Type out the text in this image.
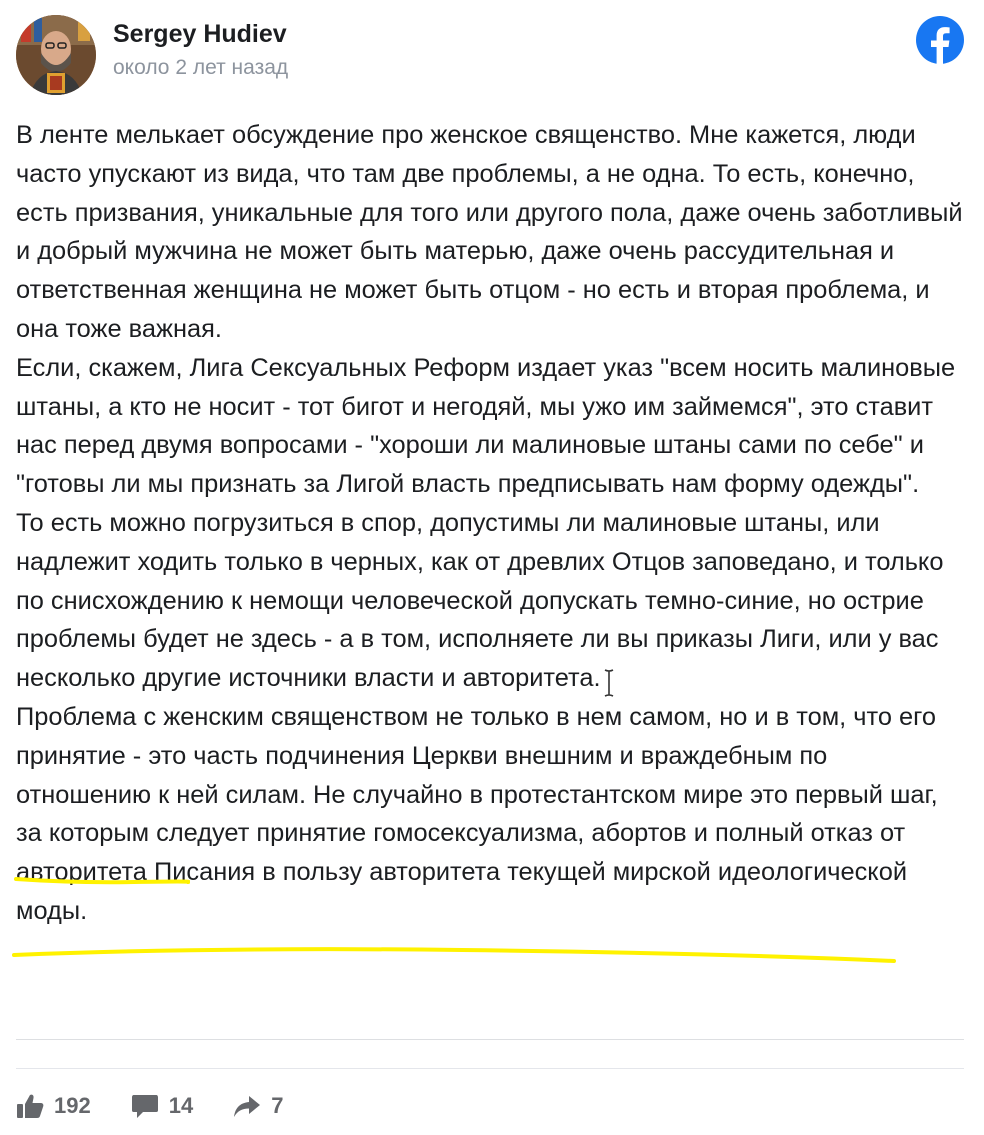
Sergey Hudiev
около 2 лет назад

В ленте мелькает обсуждение про женское священство. Мне кажется, люди часто упускают из вида, что там две проблемы, а не одна. То есть, конечно, есть призвания, уникальные для того или другого пола, даже очень заботливый и добрый мужчина не может быть матерью, даже очень рассудительная и ответственная женщина не может быть отцом - но есть и вторая проблема, и она тоже важная.

Если, скажем, Лига Сексуальных Реформ издает указ "всем носить малиновые штаны, а кто не носит - тот бигот и негодяй, мы ужо им займемся", это ставит нас перед двумя вопросами - "хороши ли малиновые штаны сами по себе" и "готовы ли мы признать за Лигой власть предписывать нам форму одежды".

То есть можно погрузиться в спор, допустимы ли малиновые штаны, или надлежит ходить только в черных, как от древлих Отцов заповедано, и только по снисхождению к немощи человеческой допускать темно-синие, но острие проблемы будет не здесь - а в том, исполняете ли вы приказы Лиги, или у вас несколько другие источники власти и авторитета.

Проблема с женским священством не только в нем самом, но и в том, что его принятие - это часть подчинения Церкви внешним и враждебным по отношению к ней силам. Не случайно в протестантском мире это первый шаг, за которым следует принятие гомосексуализма, абортов и полный отказ от авторитета Писания в пользу авторитета текущей мирской идеологической моды.

192	14	7
